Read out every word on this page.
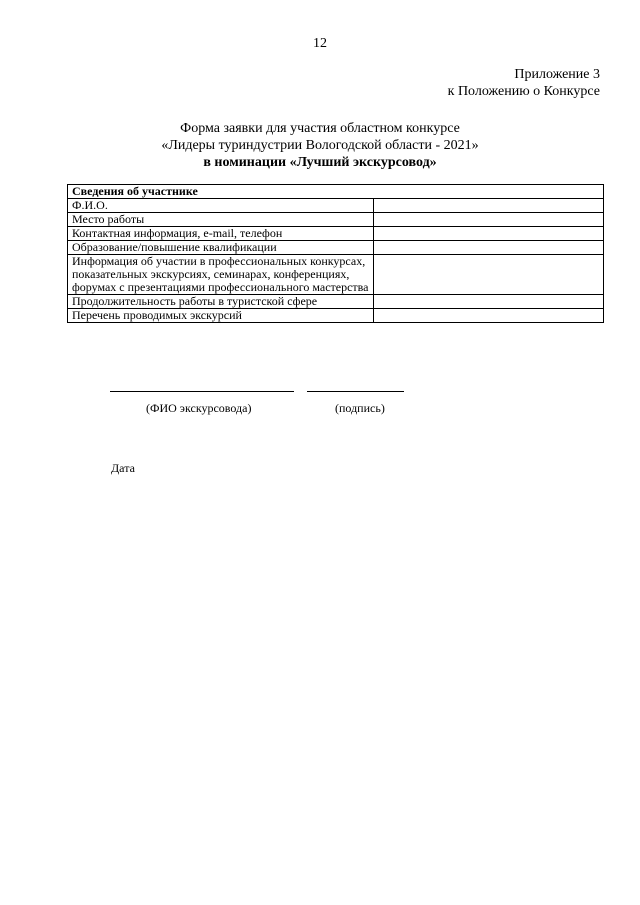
12
Приложение 3
к Положению о Конкурсе
Форма заявки для участия областном конкурсе
«Лидеры туриндустрии Вологодской области - 2021»
в номинации «Лучший экскурсовод»
Сведения об участнике	
Ф.И.О.	
Место работы	
Контактная информация, e-mail, телефон	
Образование/повышение квалификации	
Информация об участии в профессиональных конкурсах, показательных экскурсиях, семинарах, конференциях, форумах с презентациями профессионального мастерства	
Продолжительность работы в туристской сфере	
Перечень проводимых экскурсий	
(ФИО экскурсовода)	(подпись)
Дата
